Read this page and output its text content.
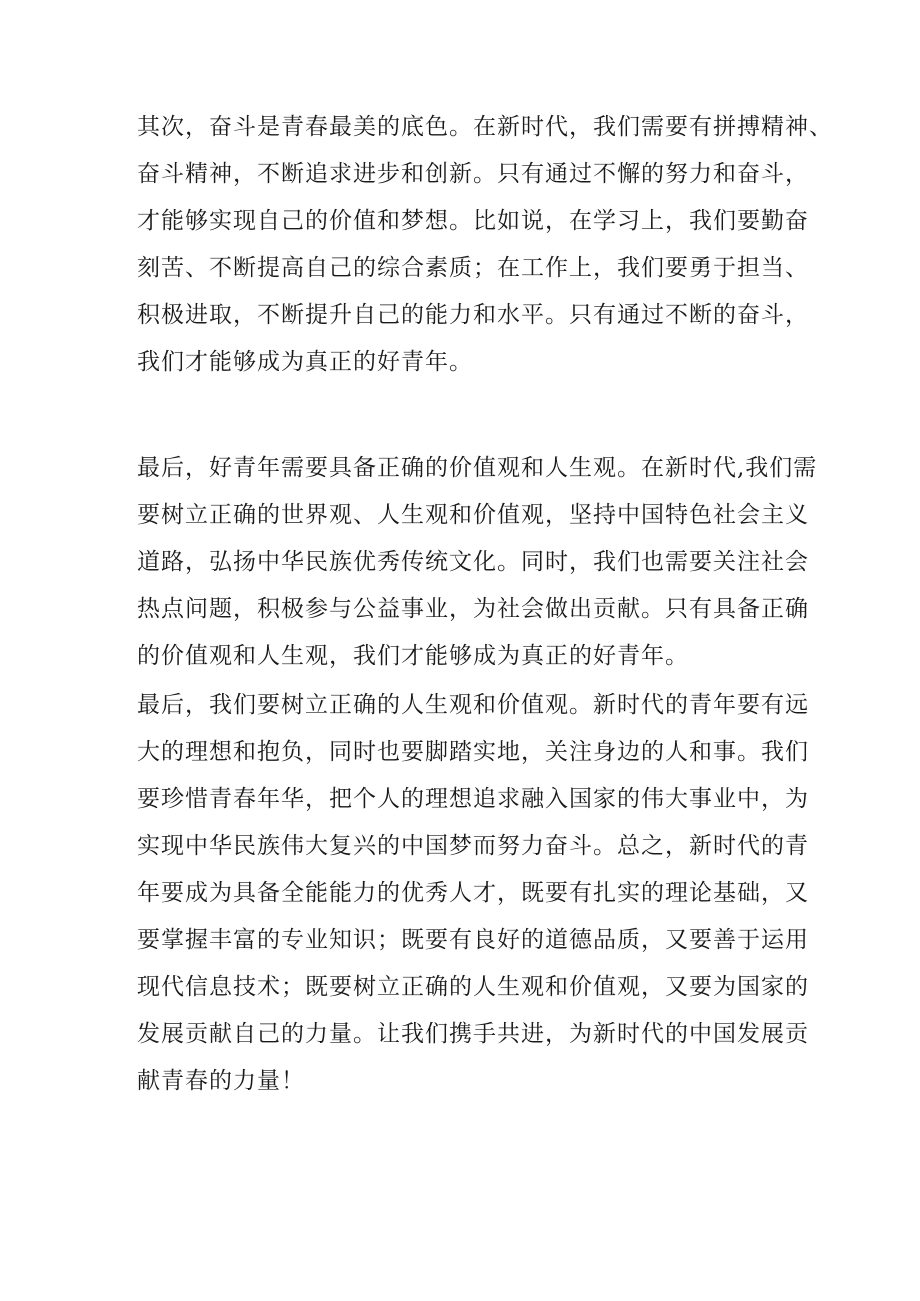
其次，奋斗是青春最美的底色。在新时代，我们需要有拼搏精神、
奋斗精神，不断追求进步和创新。只有通过不懈的努力和奋斗，
才能够实现自己的价值和梦想。比如说，在学习上，我们要勤奋
刻苦、不断提高自己的综合素质；在工作上，我们要勇于担当、
积极进取，不断提升自己的能力和水平。只有通过不断的奋斗，
我们才能够成为真正的好青年。
最后，好青年需要具备正确的价值观和人生观。在新时代,我们需
要树立正确的世界观、人生观和价值观，坚持中国特色社会主义
道路，弘扬中华民族优秀传统文化。同时，我们也需要关注社会
热点问题，积极参与公益事业，为社会做出贡献。只有具备正确
的价值观和人生观，我们才能够成为真正的好青年。
最后，我们要树立正确的人生观和价值观。新时代的青年要有远
大的理想和抱负，同时也要脚踏实地，关注身边的人和事。我们
要珍惜青春年华，把个人的理想追求融入国家的伟大事业中，为
实现中华民族伟大复兴的中国梦而努力奋斗。总之，新时代的青
年要成为具备全能能力的优秀人才，既要有扎实的理论基础，又
要掌握丰富的专业知识；既要有良好的道德品质，又要善于运用
现代信息技术；既要树立正确的人生观和价值观，又要为国家的
发展贡献自己的力量。让我们携手共进，为新时代的中国发展贡
献青春的力量！
